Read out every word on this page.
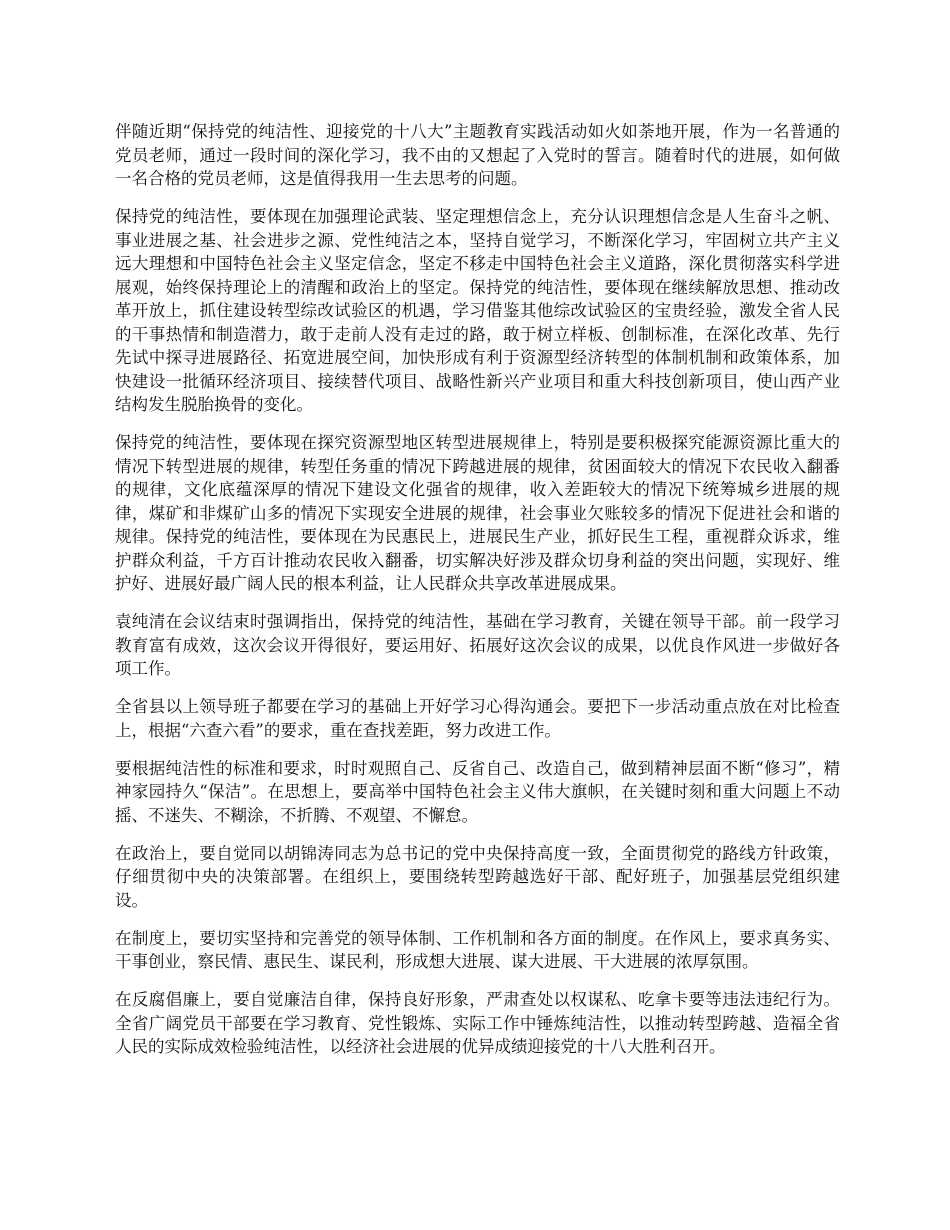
伴随近期“保持党的纯洁性、迎接党的十八大”主题教育实践活动如火如荼地开展，作为一名普通的党员老师，通过一段时间的深化学习，我不由的又想起了入党时的誓言。随着时代的进展，如何做一名合格的党员老师，这是值得我用一生去思考的问题。

保持党的纯洁性，要体现在加强理论武装、坚定理想信念上，充分认识理想信念是人生奋斗之帆、事业进展之基、社会进步之源、党性纯洁之本，坚持自觉学习，不断深化学习，牢固树立共产主义远大理想和中国特色社会主义坚定信念，坚定不移走中国特色社会主义道路，深化贯彻落实科学进展观，始终保持理论上的清醒和政治上的坚定。保持党的纯洁性，要体现在继续解放思想、推动改革开放上，抓住建设转型综改试验区的机遇，学习借鉴其他综改试验区的宝贵经验，激发全省人民的干事热情和制造潜力，敢于走前人没有走过的路，敢于树立样板、创制标准，在深化改革、先行先试中探寻进展路径、拓宽进展空间，加快形成有利于资源型经济转型的体制机制和政策体系，加快建设一批循环经济项目、接续替代项目、战略性新兴产业项目和重大科技创新项目，使山西产业结构发生脱胎换骨的变化。

保持党的纯洁性，要体现在探究资源型地区转型进展规律上，特别是要积极探究能源资源比重大的情况下转型进展的规律，转型任务重的情况下跨越进展的规律，贫困面较大的情况下农民收入翻番的规律，文化底蕴深厚的情况下建设文化强省的规律，收入差距较大的情况下统筹城乡进展的规律，煤矿和非煤矿山多的情况下实现安全进展的规律，社会事业欠账较多的情况下促进社会和谐的规律。保持党的纯洁性，要体现在为民惠民上，进展民生产业，抓好民生工程，重视群众诉求，维护群众利益，千方百计推动农民收入翻番，切实解决好涉及群众切身利益的突出问题，实现好、维护好、进展好最广阔人民的根本利益，让人民群众共享改革进展成果。

袁纯清在会议结束时强调指出，保持党的纯洁性，基础在学习教育，关键在领导干部。前一段学习教育富有成效，这次会议开得很好，要运用好、拓展好这次会议的成果，以优良作风进一步做好各项工作。

全省县以上领导班子都要在学习的基础上开好学习心得沟通会。要把下一步活动重点放在对比检查上，根据“六查六看”的要求，重在查找差距，努力改进工作。

要根据纯洁性的标准和要求，时时观照自己、反省自己、改造自己，做到精神层面不断“修习”，精神家园持久“保洁”。在思想上，要高举中国特色社会主义伟大旗帜，在关键时刻和重大问题上不动摇、不迷失、不糊涂，不折腾、不观望、不懈怠。

在政治上，要自觉同以胡锦涛同志为总书记的党中央保持高度一致，全面贯彻党的路线方针政策，仔细贯彻中央的决策部署。在组织上，要围绕转型跨越选好干部、配好班子，加强基层党组织建设。

在制度上，要切实坚持和完善党的领导体制、工作机制和各方面的制度。在作风上，要求真务实、干事创业，察民情、惠民生、谋民利，形成想大进展、谋大进展、干大进展的浓厚氛围。

在反腐倡廉上，要自觉廉洁自律，保持良好形象，严肃查处以权谋私、吃拿卡要等违法违纪行为。全省广阔党员干部要在学习教育、党性锻炼、实际工作中锤炼纯洁性，以推动转型跨越、造福全省人民的实际成效检验纯洁性，以经济社会进展的优异成绩迎接党的十八大胜利召开。
